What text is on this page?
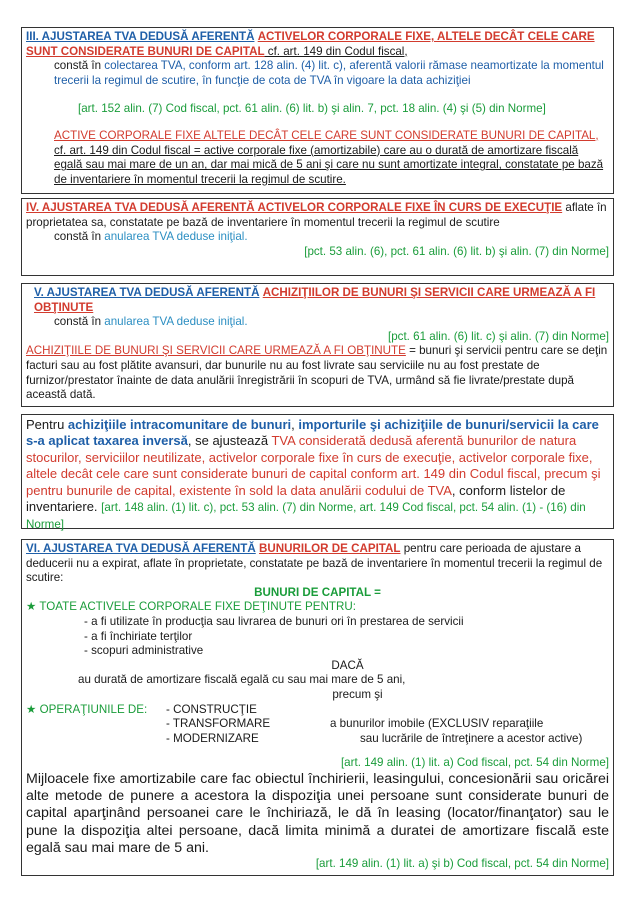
III. AJUSTAREA TVA DEDUSĂ AFERENTĂ ACTIVELOR CORPORALE FIXE, ALTELE DECÂT CELE CARE SUNT CONSIDERATE BUNURI DE CAPITAL cf. art. 149 din Codul fiscal,

constă în colectarea TVA, conform art. 128 alin. (4) lit. c), aferentă valorii rămase neamortizate la momentul trecerii la regimul de scutire, în funcţie de cota de TVA în vigoare la data achiziţiei

[art. 152 alin. (7) Cod fiscal, pct. 61 alin. (6) lit. b) şi alin. 7, pct. 18 alin. (4) şi (5) din Norme]

ACTIVE CORPORALE FIXE ALTELE DECÂT CELE CARE SUNT CONSIDERATE BUNURI DE CAPITAL, cf. art. 149 din Codul fiscal = active corporale fixe (amortizabile) care au o durată de amortizare fiscală egală sau mai mare de un an, dar mai mică de 5 ani şi care nu sunt amortizate integral, constatate pe bază de inventariere în momentul trecerii la regimul de scutire.

IV. AJUSTAREA TVA DEDUSĂ AFERENTĂ ACTIVELOR CORPORALE FIXE ÎN CURS DE EXECUŢIE aflate în proprietatea sa, constatate pe bază de inventariere în momentul trecerii la regimul de scutire

constă în anularea TVA deduse iniţial.

[pct. 53 alin. (6), pct. 61 alin. (6) lit. b) şi alin. (7) din Norme]

V. AJUSTAREA TVA DEDUSĂ AFERENTĂ ACHIZIŢIILOR DE BUNURI ŞI SERVICII CARE URMEAZĂ A FI OBŢINUTE

constă în anularea TVA deduse iniţial.

[pct. 61 alin. (6) lit. c) şi alin. (7) din Norme]

ACHIZIŢIILE DE BUNURI ŞI SERVICII CARE URMEAZĂ A FI OBŢINUTE = bunuri şi servicii pentru care se deţin facturi sau au fost plătite avansuri, dar bunurile nu au fost livrate sau serviciile nu au fost prestate de furnizor/prestator înainte de data anulării înregistrării în scopuri de TVA, urmând să fie livrate/prestate după această dată.

Pentru achiziţiile intracomunitare de bunuri, importurile şi achiziţiile de bunuri/servicii la care s-a aplicat taxarea inversă, se ajustează TVA considerată dedusă aferentă bunurilor de natura stocurilor, serviciilor neutilizate, activelor corporale fixe în curs de execuţie, activelor corporale fixe, altele decât cele care sunt considerate bunuri de capital conform art. 149 din Codul fiscal, precum şi pentru bunurile de capital, existente în sold la data anulării codului de TVA, conform listelor de inventariere. [art. 148 alin. (1) lit. c), pct. 53 alin. (7) din Norme, art. 149 Cod fiscal, pct. 54 alin. (1) - (16) din Norme]

VI. AJUSTAREA TVA DEDUSĂ AFERENTĂ BUNURILOR DE CAPITAL pentru care perioada de ajustare a deducerii nu a expirat, aflate în proprietate, constatate pe bază de inventariere în momentul trecerii la regimul de scutire:

BUNURI DE CAPITAL =

★ TOATE ACTIVELE CORPORALE FIXE DEŢINUTE PENTRU:

- a fi utilizate în producţia sau livrarea de bunuri ori în prestarea de servicii

- a fi închiriate terţilor

- scopuri administrative

DACĂ

au durată de amortizare fiscală egală cu sau mai mare de 5 ani,

precum şi

★ OPERAŢIUNILE DE:	- CONSTRUCŢIE

- TRANSFORMARE

- MODERNIZARE

a bunurilor imobile (EXCLUSIV reparaţiile

sau lucrările de întreţinere a acestor active)

[art. 149 alin. (1) lit. a) Cod fiscal, pct. 54 din Norme]

Mijloacele fixe amortizabile care fac obiectul închirierii, leasingului, concesionării sau oricărei alte metode de punere a acestora la dispoziţia unei persoane sunt considerate bunuri de capital aparţinând persoanei care le închiriază, le dă în leasing (locator/finanţator) sau le pune la dispoziţia altei persoane, dacă limita minimă a duratei de amortizare fiscală este egală sau mai mare de 5 ani.

[art. 149 alin. (1) lit. a) şi b) Cod fiscal, pct. 54 din Norme]
